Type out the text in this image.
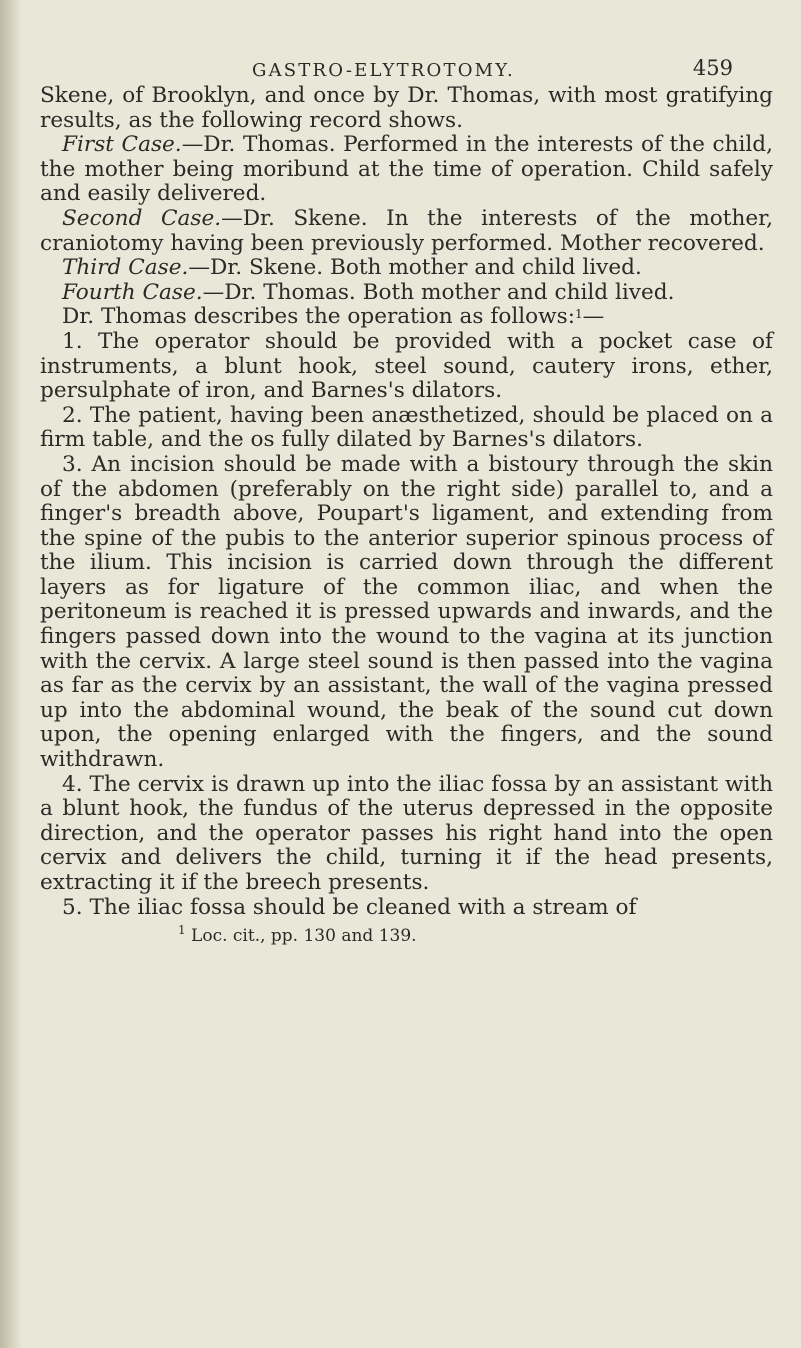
GASTRO-ELYTROTOMY.	459

Skene, of Brooklyn, and once by Dr. Thomas, with most gratifying results, as the following record shows.

First Case.—Dr. Thomas. Performed in the interests of the child, the mother being moribund at the time of operation. Child safely and easily delivered.

Second Case.—Dr. Skene. In the interests of the mother, craniotomy having been previously performed. Mother recovered.

Third Case.—Dr. Skene. Both mother and child lived.

Fourth Case.—Dr. Thomas. Both mother and child lived.

Dr. Thomas describes the operation as follows:$^1$—

1. The operator should be provided with a pocket case of instruments, a blunt hook, steel sound, cautery irons, ether, persulphate of iron, and Barnes's dilators.

2. The patient, having been anæsthetized, should be placed on a firm table, and the os fully dilated by Barnes's dilators.

3. An incision should be made with a bistoury through the skin of the abdomen (preferably on the right side) parallel to, and a finger's breadth above, Poupart's ligament, and extending from the spine of the pubis to the anterior superior spinous process of the ilium. This incision is carried down through the different layers as for ligature of the common iliac, and when the peritoneum is reached it is pressed upwards and inwards, and the fingers passed down into the wound to the vagina at its junction with the cervix. A large steel sound is then passed into the vagina as far as the cervix by an assistant, the wall of the vagina pressed up into the abdominal wound, the beak of the sound cut down upon, the opening enlarged with the fingers, and the sound withdrawn.

4. The cervix is drawn up into the iliac fossa by an assistant with a blunt hook, the fundus of the uterus depressed in the opposite direction, and the operator passes his right hand into the open cervix and delivers the child, turning it if the head presents, extracting it if the breech presents.

5. The iliac fossa should be cleaned with a stream of

$^1$ Loc. cit., pp. 130 and 139.
